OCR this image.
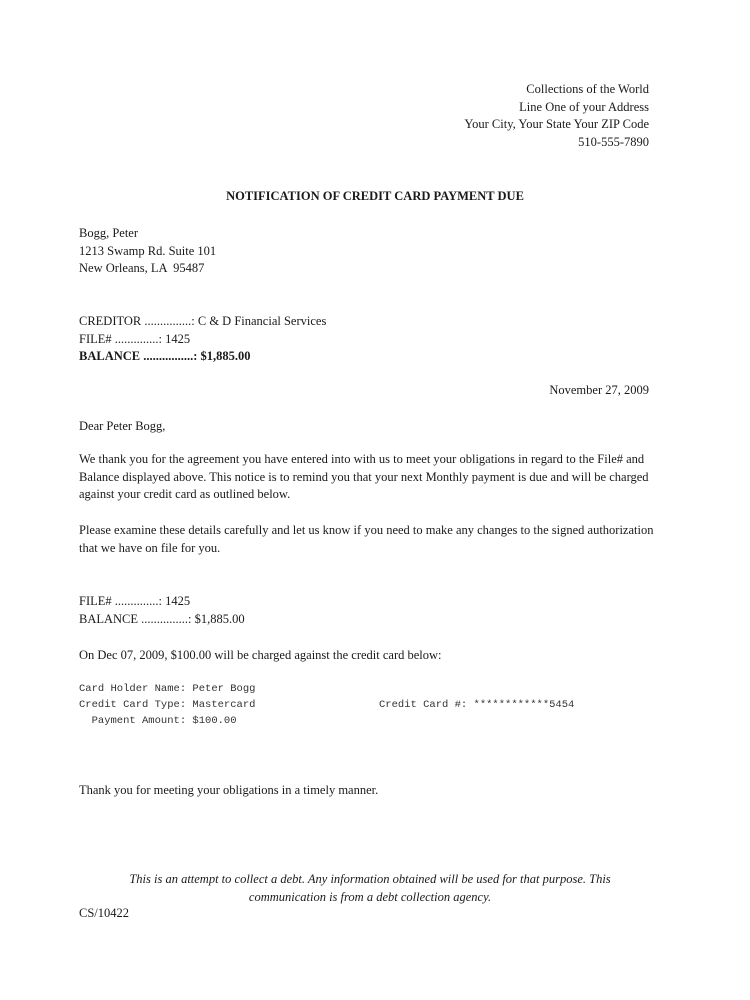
Collections of the World
Line One of your Address
Your City, Your State Your ZIP Code
510-555-7890
NOTIFICATION OF CREDIT CARD PAYMENT DUE
Bogg, Peter
1213 Swamp Rd. Suite 101
New Orleans, LA  95487
CREDITOR ...............: C & D Financial Services
FILE# ..............: 1425
BALANCE ................: $1,885.00
November 27, 2009
Dear Peter Bogg,
We thank you for the agreement you have entered into with us to meet your obligations in regard to the File# and Balance displayed above. This notice is to remind you that your next Monthly payment is due and will be charged against your credit card as outlined below.
Please examine these details carefully and let us know if you need to make any changes to the signed authorization that we have on file for you.
FILE# ..............: 1425
BALANCE ...............: $1,885.00
On Dec 07, 2009, $100.00 will be charged against the credit card below:
Card Holder Name: Peter Bogg
Credit Card Type: Mastercard
Payment Amount: $100.00
Credit Card #: ************5454
Thank you for meeting your obligations in a timely manner.
This is an attempt to collect a debt. Any information obtained will be used for that purpose. This communication is from a debt collection agency.
CS/10422
